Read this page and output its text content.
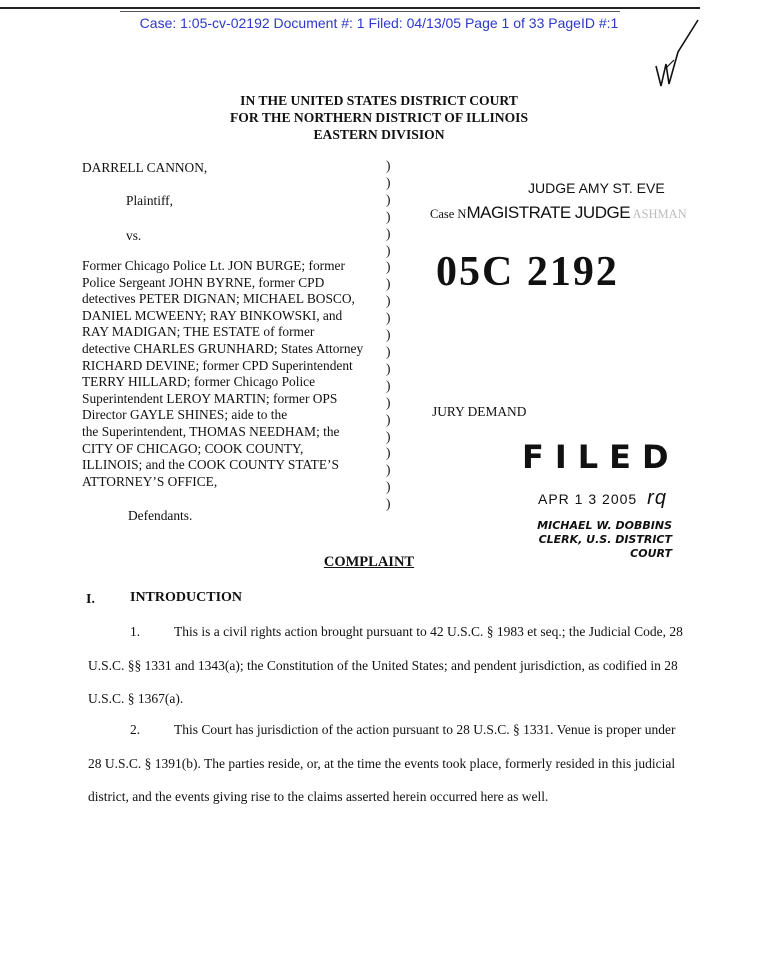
Case: 1:05-cv-02192 Document #: 1 Filed: 04/13/05 Page 1 of 33 PageID #:1
IN THE UNITED STATES DISTRICT COURT
FOR THE NORTHERN DISTRICT OF ILLINOIS
EASTERN DIVISION
DARRELL CANNON,
Plaintiff,
vs.
)
)
)
)
)
)
)
)
)
)
)
)
)
)
)
)
)
)
)
)
)
Former Chicago Police Lt. JON BURGE; former
Police Sergeant JOHN BYRNE, former CPD
detectives PETER DIGNAN; MICHAEL BOSCO,
DANIEL MCWEENY; RAY BINKOWSKI, and
RAY MADIGAN; THE ESTATE of former
detective CHARLES GRUNHARD; States Attorney
RICHARD DEVINE; former CPD Superintendent
TERRY HILLARD; former Chicago Police
Superintendent LEROY MARTIN; former OPS
Director GAYLE SHINES; aide to the
the Superintendent, THOMAS NEEDHAM; the
CITY OF CHICAGO; COOK COUNTY,
ILLINOIS; and the COOK COUNTY STATE’S
ATTORNEY’S OFFICE,
Defendants.
JUDGE AMY ST. EVE
Case NMAGISTRATE JUDGE ASHMAN
05C 2192
JURY DEMAND
FILED
APR 1 3 2005 rq
MICHAEL W. DOBBINS
CLERK, U.S. DISTRICT COURT
COMPLAINT
I.	INTRODUCTION
1.	This is a civil rights action brought pursuant to 42 U.S.C. § 1983 et seq.; the Judicial Code, 28 U.S.C. §§ 1331 and 1343(a); the Constitution of the United States; and pendent jurisdiction, as codified in 28 U.S.C. § 1367(a).
2.	This Court has jurisdiction of the action pursuant to 28 U.S.C. § 1331. Venue is proper under 28 U.S.C. § 1391(b). The parties reside, or, at the time the events took place, formerly resided in this judicial district, and the events giving rise to the claims asserted herein occurred here as well.
